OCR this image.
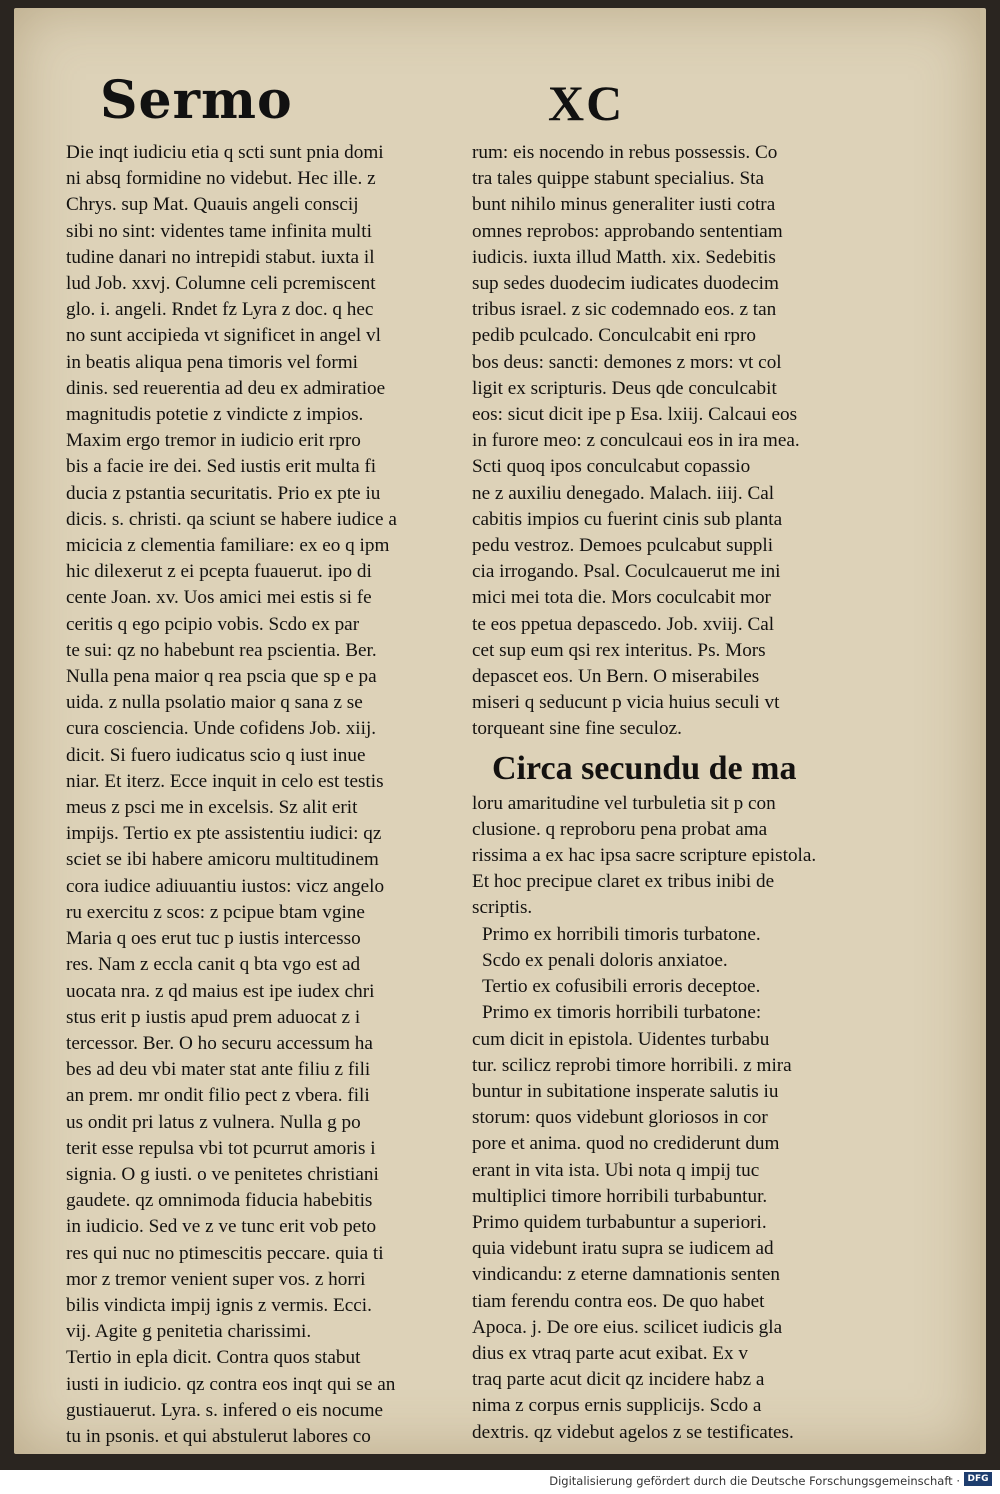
Sermo	XC
Die inqt iudiciu etia q scti sunt pnia domi
ni absq formidine no videbut. Hec ille. z
Chrys. sup Mat. Quauis angeli conscij
sibi no sint: videntes tame infinita multi
tudine danari no intrepidi stabut. iuxta il
lud Job. xxvj. Columne celi pcremiscent
glo. i. angeli. Rndet fz Lyra z doc. q hec
no sunt accipieda vt significet in angel vl
in beatis aliqua pena timoris vel formi
dinis. sed reuerentia ad deu ex admiratioe
magnitudis potetie z vindicte z impios.
Maxim ergo tremor in iudicio erit rpro
bis a facie ire dei. Sed iustis erit multa fi
ducia z pstantia securitatis. Prio ex pte iu
dicis. s. christi. qa sciunt se habere iudice a
micicia z clementia familiare: ex eo q ipm
hic dilexerut z ei pcepta fuauerut. ipo di
cente Joan. xv. Uos amici mei estis si fe
ceritis q ego pcipio vobis. Scdo ex par
te sui: qz no habebunt rea pscientia. Ber.
Nulla pena maior q rea pscia que sp e pa
uida. z nulla psolatio maior q sana z se
cura cosciencia. Unde cofidens Job. xiij.
dicit. Si fuero iudicatus scio q iust inue
niar. Et iterz. Ecce inquit in celo est testis
meus z psci me in excelsis. Sz alit erit
impijs. Tertio ex pte assistentiu iudici: qz
sciet se ibi habere amicoru multitudinem
cora iudice adiuuantiu iustos: vicz angelo
ru exercitu z scos: z pcipue btam vgine
Maria q oes erut tuc p iustis intercesso
res. Nam z eccla canit q bta vgo est ad
uocata nra. z qd maius est ipe iudex chri
stus erit p iustis apud prem aduocat z i
tercessor. Ber. O ho securu accessum ha
bes ad deu vbi mater stat ante filiu z fili
an prem. mr ondit filio pect z vbera. fili
us ondit pri latus z vulnera. Nulla g po
terit esse repulsa vbi tot pcurrut amoris i
signia. O g iusti. o ve penitetes christiani
gaudete. qz omnimoda fiducia habebitis
in iudicio. Sed ve z ve tunc erit vob peto
res qui nuc no ptimescitis peccare. quia ti
mor z tremor venient super vos. z horri
bilis vindicta impij ignis z vermis. Ecci.
vij. Agite g penitetia charissimi.
Tertio in epla dicit. Contra quos stabut
iusti in iudicio. qz contra eos inqt qui se an
gustiauerut. Lyra. s. infered o eis nocume
tu in psonis. et qui abstulerut labores co
rum: eis nocendo in rebus possessis. Co
tra tales quippe stabunt specialius. Sta
bunt nihilo minus generaliter iusti cotra
omnes reprobos: approbando sententiam
iudicis. iuxta illud Matth. xix. Sedebitis
sup sedes duodecim iudicates duodecim
tribus israel. z sic codemnado eos. z tan
pedib pculcado. Conculcabit eni rpro
bos deus: sancti: demones z mors: vt col
ligit ex scripturis. Deus qde conculcabit
eos: sicut dicit ipe p Esa. lxiij. Calcaui eos
in furore meo: z conculcaui eos in ira mea.
Scti quoq ipos conculcabut copassio
ne z auxiliu denegado. Malach. iiij. Cal
cabitis impios cu fuerint cinis sub planta
pedu vestroz. Demoes pculcabut suppli
cia irrogando. Psal. Coculcauerut me ini
mici mei tota die. Mors coculcabit mor
te eos ppetua depascedo. Job. xviij. Cal
cet sup eum qsi rex interitus. Ps. Mors
depascet eos. Un Bern. O miserabiles
miseri q seducunt p vicia huius seculi vt
torqueant sine fine seculoz.
Circa secundu de ma
loru amaritudine vel turbuletia sit p con
clusione. q reproboru pena probat ama
rissima a ex hac ipsa sacre scripture epistola.
Et hoc precipue claret ex tribus inibi de
scriptis.
Primo ex horribili timoris turbatone.
Scdo ex penali doloris anxiatoe.
Tertio ex cofusibili erroris deceptoe.
Primo ex timoris horribili turbatone:
cum dicit in epistola. Uidentes turbabu
tur. scilicz reprobi timore horribili. z mira
buntur in subitatione insperate salutis iu
storum: quos videbunt gloriosos in cor
pore et anima. quod no crediderunt dum
erant in vita ista. Ubi nota q impij tuc
multiplici timore horribili turbabuntur.
Primo quidem turbabuntur a superiori.
quia videbunt iratu supra se iudicem ad
vindicandu: z eterne damnationis senten
tiam ferendu contra eos. De quo habet
Apoca. j. De ore eius. scilicet iudicis gla
dius ex vtraq parte acut exibat. Ex v
traq parte acut dicit qz incidere habz a
nima z corpus ernis supplicijs. Scdo a
dextris. qz videbut agelos z se testificates.
Digitalisierung gefördert durch die Deutsche Forschungsgemeinschaft · DFG
